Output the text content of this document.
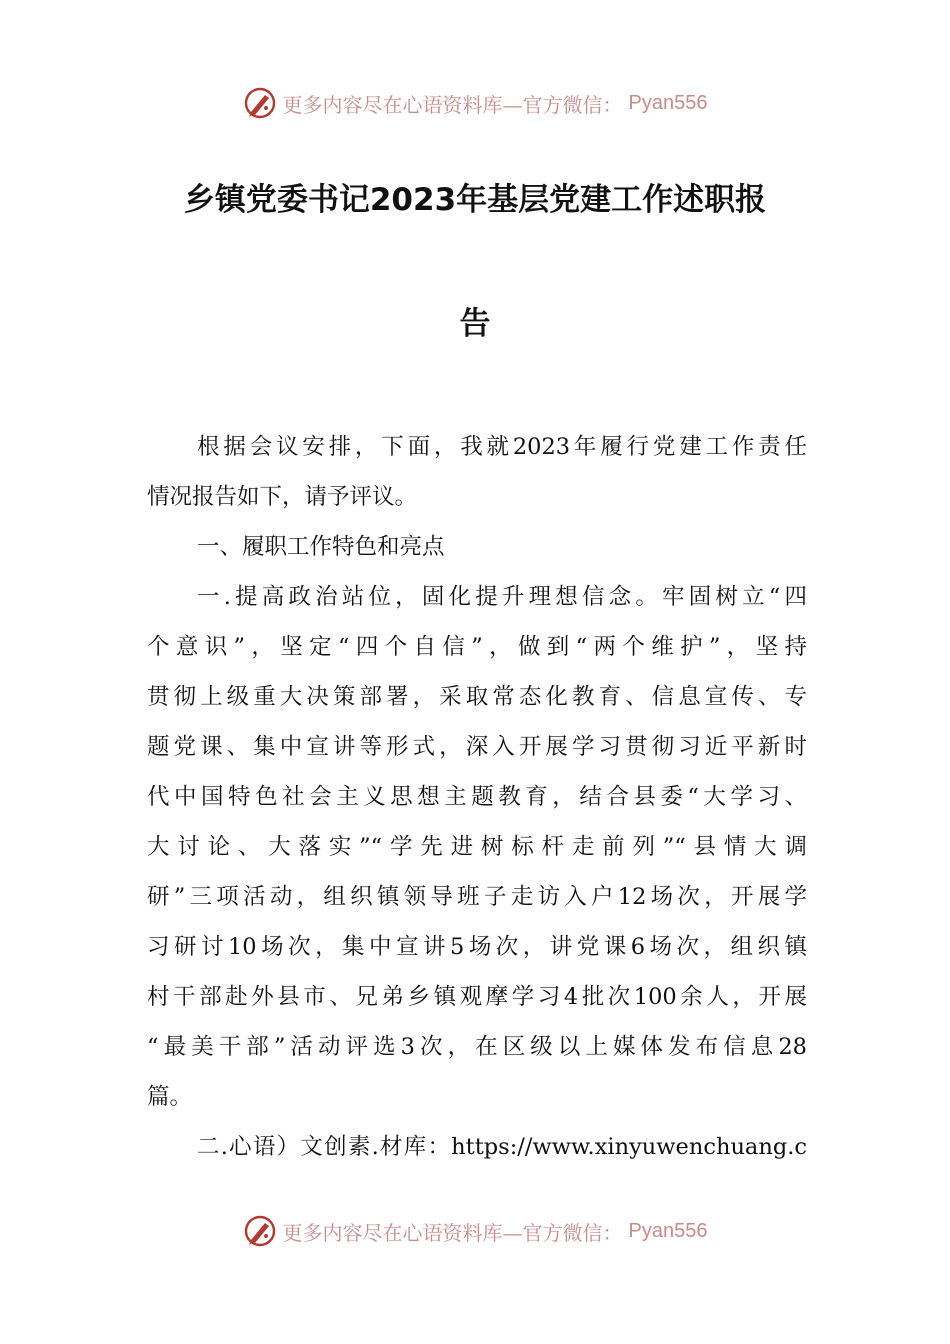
更多内容尽在心语资料库—官方微信： Pyan556
乡镇党委书记2023年基层党建工作述职报
告
根据会议安排，下面，我就2023年履行党建工作责任
情况报告如下，请予评议。
一、履职工作特色和亮点
一.提高政治站位，固化提升理想信念。牢固树立“四
个意识”，坚定“四个自信”，做到“两个维护”，坚持
贯彻上级重大决策部署，采取常态化教育、信息宣传、专
题党课、集中宣讲等形式，深入开展学习贯彻习近平新时
代中国特色社会主义思想主题教育，结合县委“大学习、
大讨论、大落实”“学先进树标杆走前列”“县情大调
研”三项活动，组织镇领导班子走访入户12场次，开展学
习研讨10场次，集中宣讲5场次，讲党课6场次，组织镇
村干部赴外县市、兄弟乡镇观摩学习4批次100余人，开展
“最美干部”活动评选3次，在区级以上媒体发布信息28
篇。
二.心语）文创素.材库：https://www.xinyuwenchuang.c
更多内容尽在心语资料库—官方微信： Pyan556
